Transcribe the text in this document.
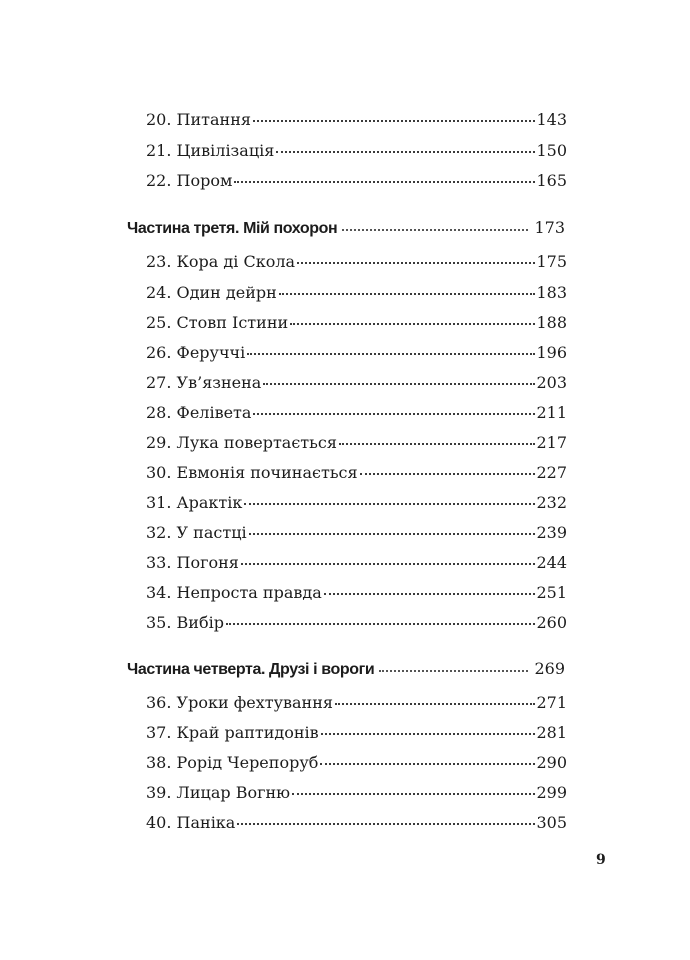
20. Питання	143
21. Цивілізація	150
22. Пором	165
Частина третя. Мій похорон	173
23. Кора ді Скола	175
24. Один дейрн	183
25. Стовп Істини	188
26. Феруччі	196
27. Ув’язнена	203
28. Фелівета	211
29. Лука повертається	217
30. Евмонія починається	227
31. Арактік	232
32. У пастці	239
33. Погоня	244
34. Непроста правда	251
35. Вибір	260
Частина четверта. Друзі і вороги	269
36. Уроки фехтування	271
37. Край раптидонів	281
38. Рорід Черепоруб	290
39. Лицар Вогню	299
40. Паніка	305
9
